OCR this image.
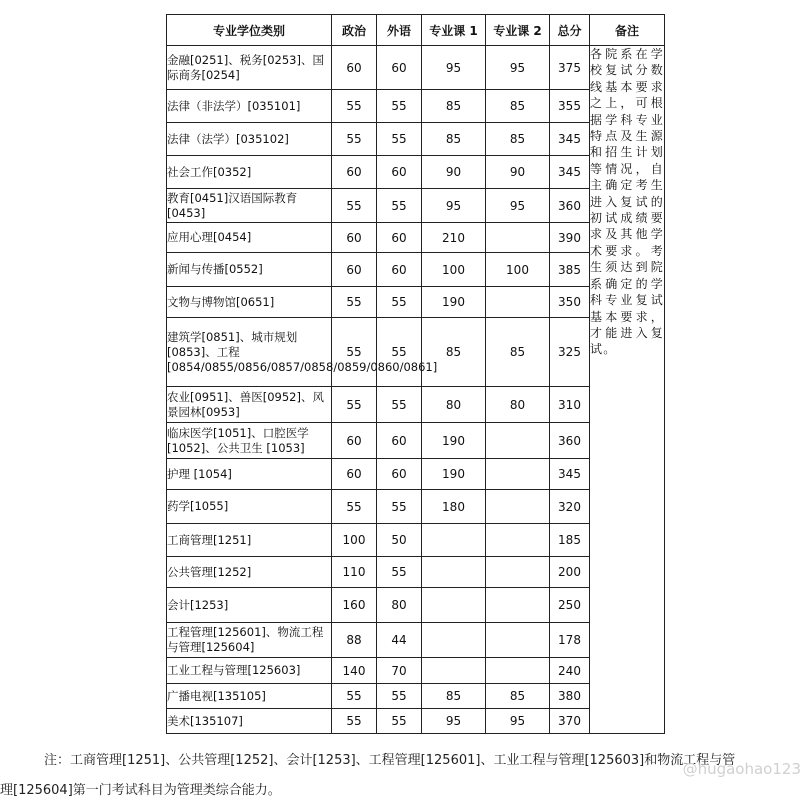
专业学位类别	政治	外语	专业课 1	专业课 2	总分	备注
金融[0251]、税务[0253]、国际商务[0254]	60	60	95	95	375	各院系在学校复试分数线基本要求之上，可根据学科专业特点及生源和招生计划等情况，自主确定考生进入复试的初试成绩要求及其他学术要求。考生须达到院系确定的学科专业复试基本要求，才能进入复试。
法律（非法学）[035101]	55	55	85	85	355	
法律（法学）[035102]	55	55	85	85	345	
社会工作[0352]	60	60	90	90	345	
教育[0451]汉语国际教育[0453]	55	55	95	95	360	
应用心理[0454]	60	60	210		390	
新闻与传播[0552]	60	60	100	100	385	
文物与博物馆[0651]	55	55	190		350	
建筑学[0851]、城市规划[0853]、工程[0854/0855/0856/0857/0858/0859/0860/0861]	55	55	85	85	325	
农业[0951]、兽医[0952]、风景园林[0953]	55	55	80	80	310	
临床医学[1051]、口腔医学[1052]、公共卫生 [1053]	60	60	190		360	
护理 [1054]	60	60	190		345	
药学[1055]	55	55	180		320	
工商管理[1251]	100	50			185	
公共管理[1252]	110	55			200	
会计[1253]	160	80			250	
工程管理[125601]、物流工程与管理[125604]	88	44			178	
工业工程与管理[125603]	140	70			240	
广播电视[135105]	55	55	85	85	380	
美术[135107]	55	55	95	95	370	
注：工商管理[1251]、公共管理[1252]、会计[1253]、工程管理[125601]、工业工程与管理[125603]和物流工程与管
理[125604]第一门考试科目为管理类综合能力。
@hugaohao123
